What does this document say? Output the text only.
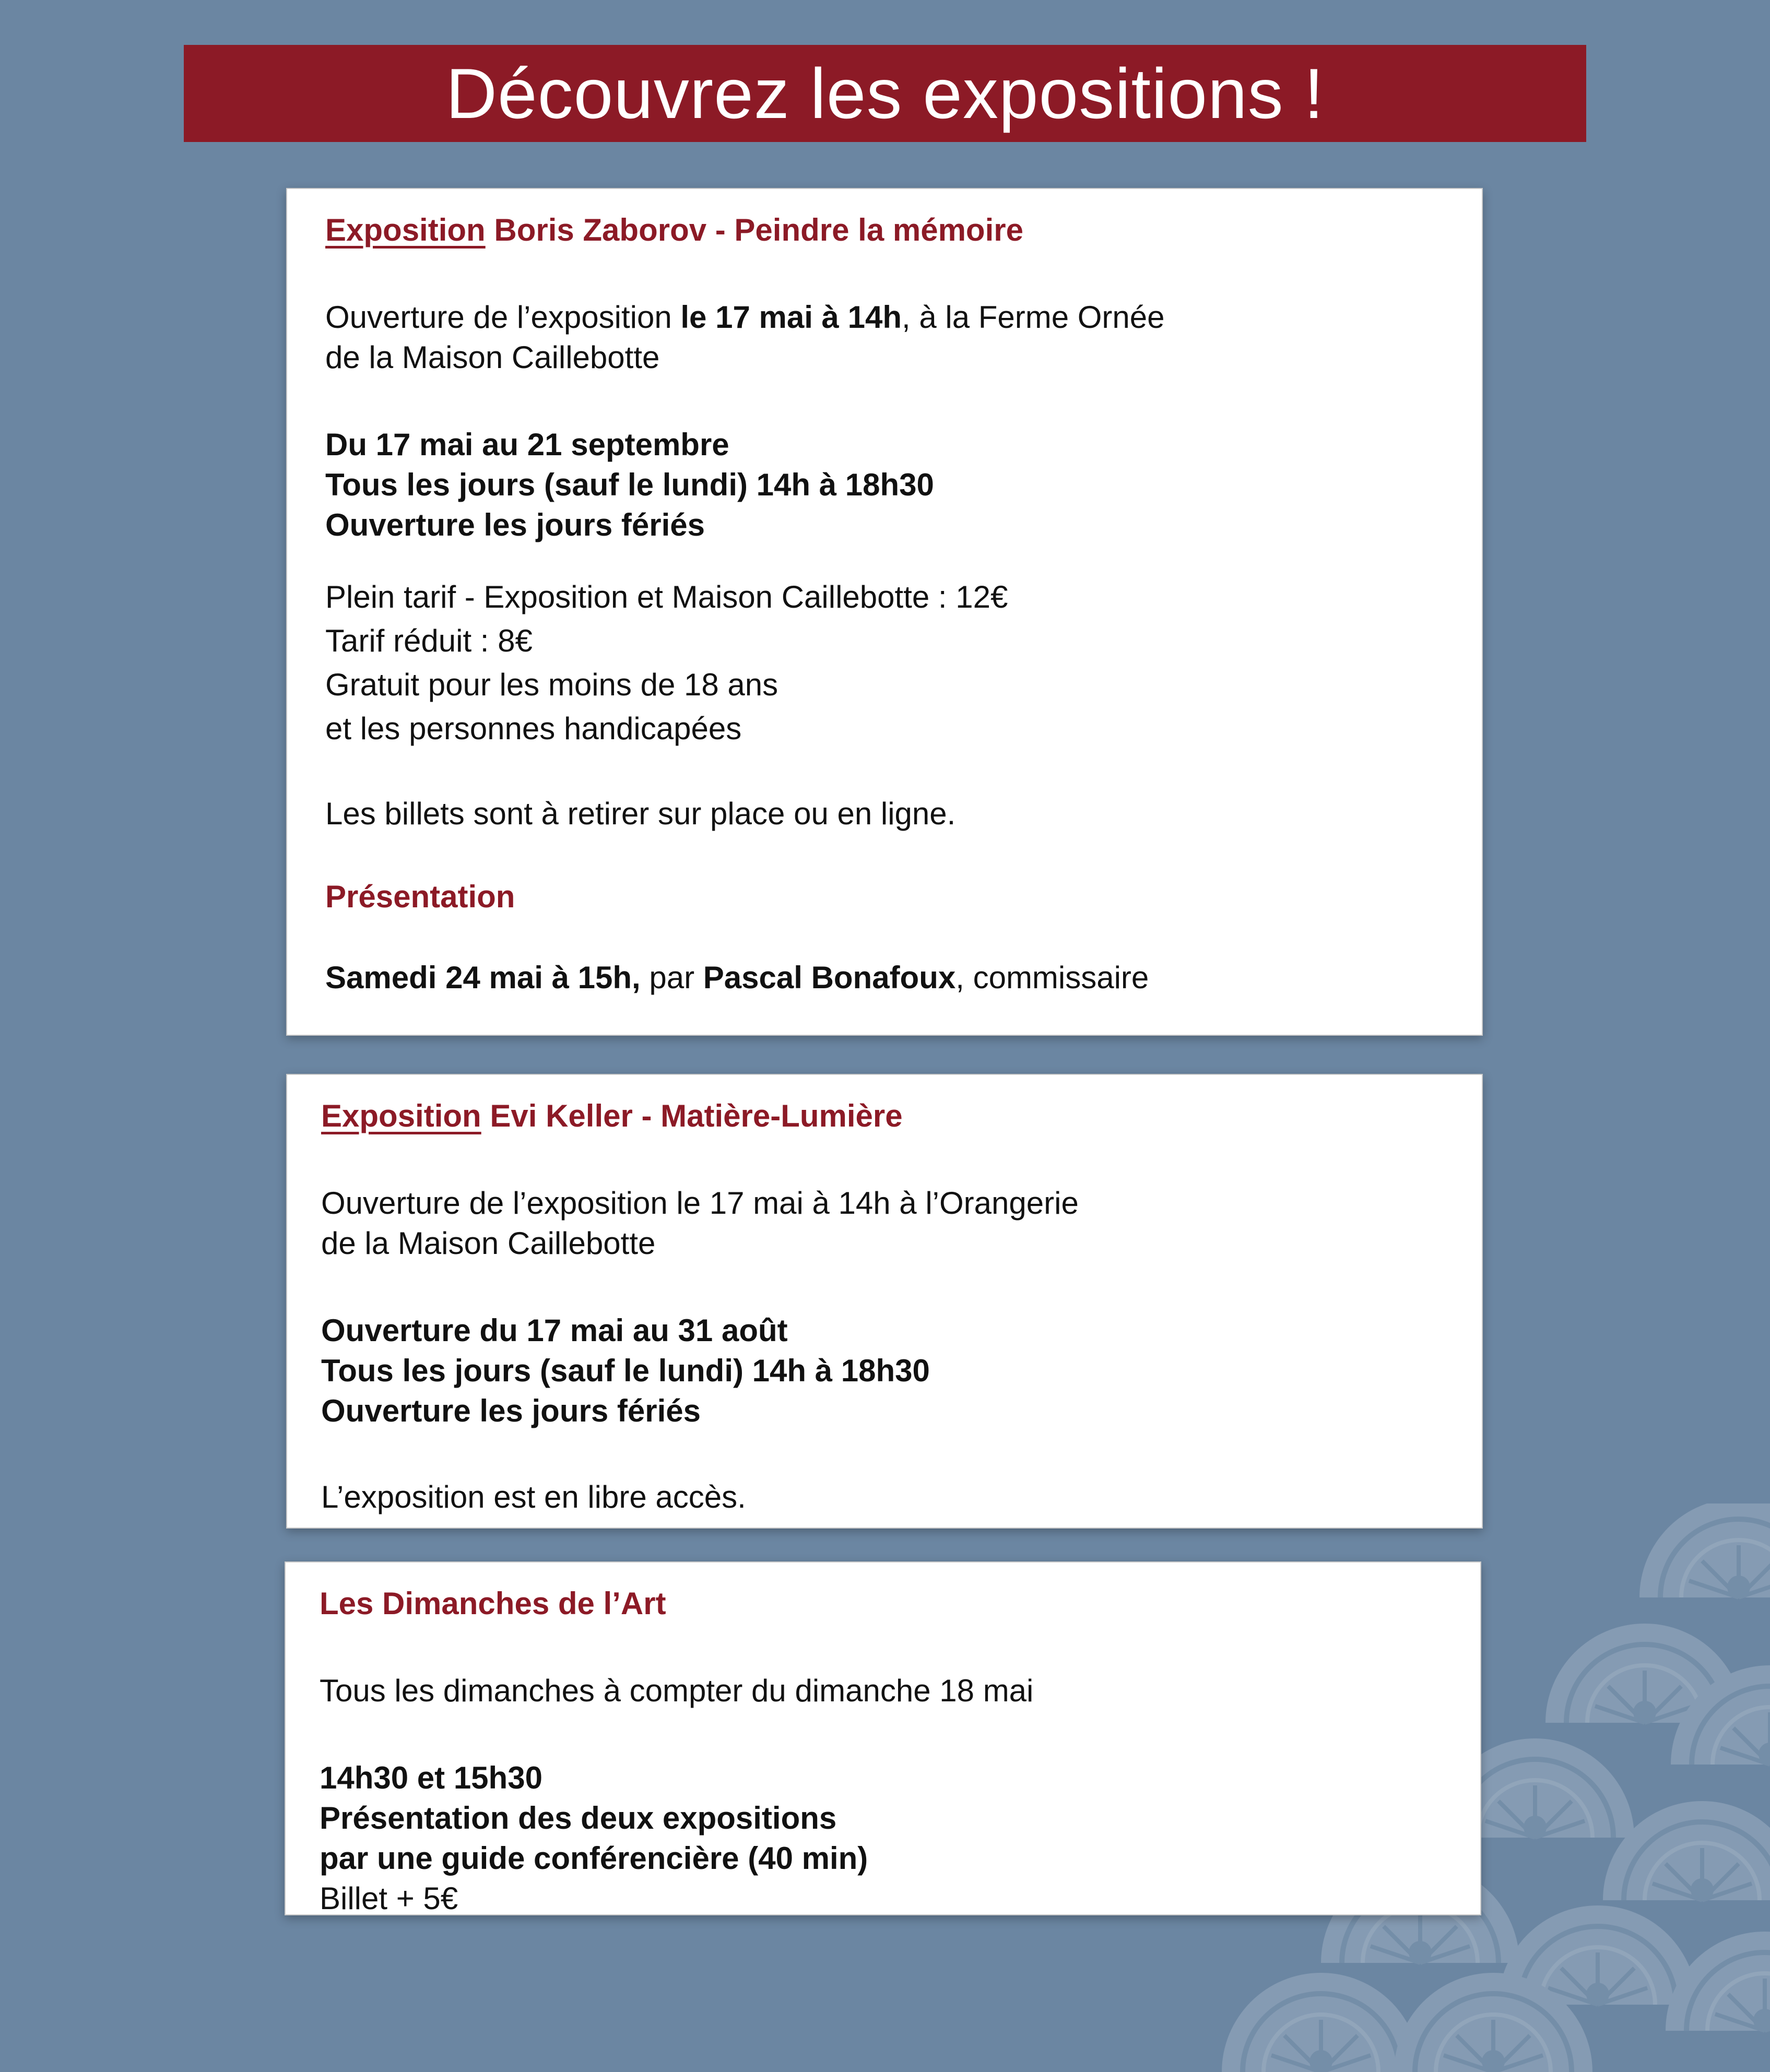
Découvrez les expositions !

Exposition Boris Zaborov - Peindre la mémoire

Ouverture de l’exposition le 17 mai à 14h, à la Ferme Ornée

de la Maison Caillebotte

Du 17 mai au 21 septembre

Tous les jours (sauf le lundi) 14h à 18h30

Ouverture les jours fériés

Plein tarif - Exposition et Maison Caillebotte : 12€

Tarif réduit : 8€

Gratuit pour les moins de 18 ans

et les personnes handicapées

Les billets sont à retirer sur place ou en ligne.

Présentation

Samedi 24 mai à 15h, par Pascal Bonafoux, commissaire

Exposition Evi Keller - Matière-Lumière

Ouverture de l’exposition le 17 mai à 14h à l’Orangerie

de la Maison Caillebotte

Ouverture du 17 mai au 31 août

Tous les jours (sauf le lundi) 14h à 18h30

Ouverture les jours fériés

L’exposition est en libre accès.

Les Dimanches de l’Art

Tous les dimanches à compter du dimanche 18 mai

14h30 et 15h30

Présentation des deux expositions

par une guide conférencière (40 min)

Billet + 5€
